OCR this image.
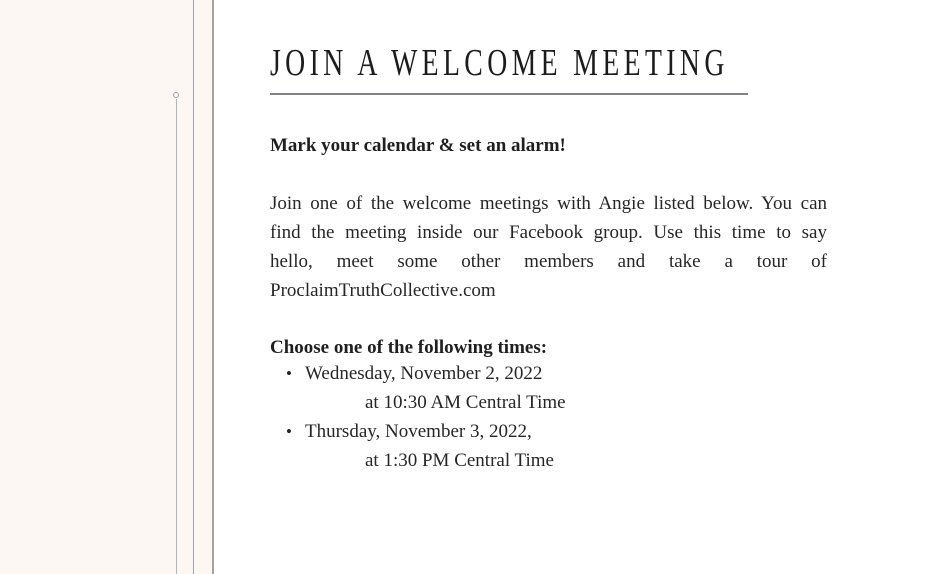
JOIN A WELCOME MEETING
Mark your calendar & set an alarm!
Join one of the welcome meetings with Angie listed below. You can
find the meeting inside our Facebook group. Use this time to say
hello, meet some other members and take a tour of
ProclaimTruthCollective.com
Choose one of the following times:
• Wednesday, November 2, 2022
at 10:30 AM Central Time
• Thursday, November 3, 2022,
at 1:30 PM Central Time
